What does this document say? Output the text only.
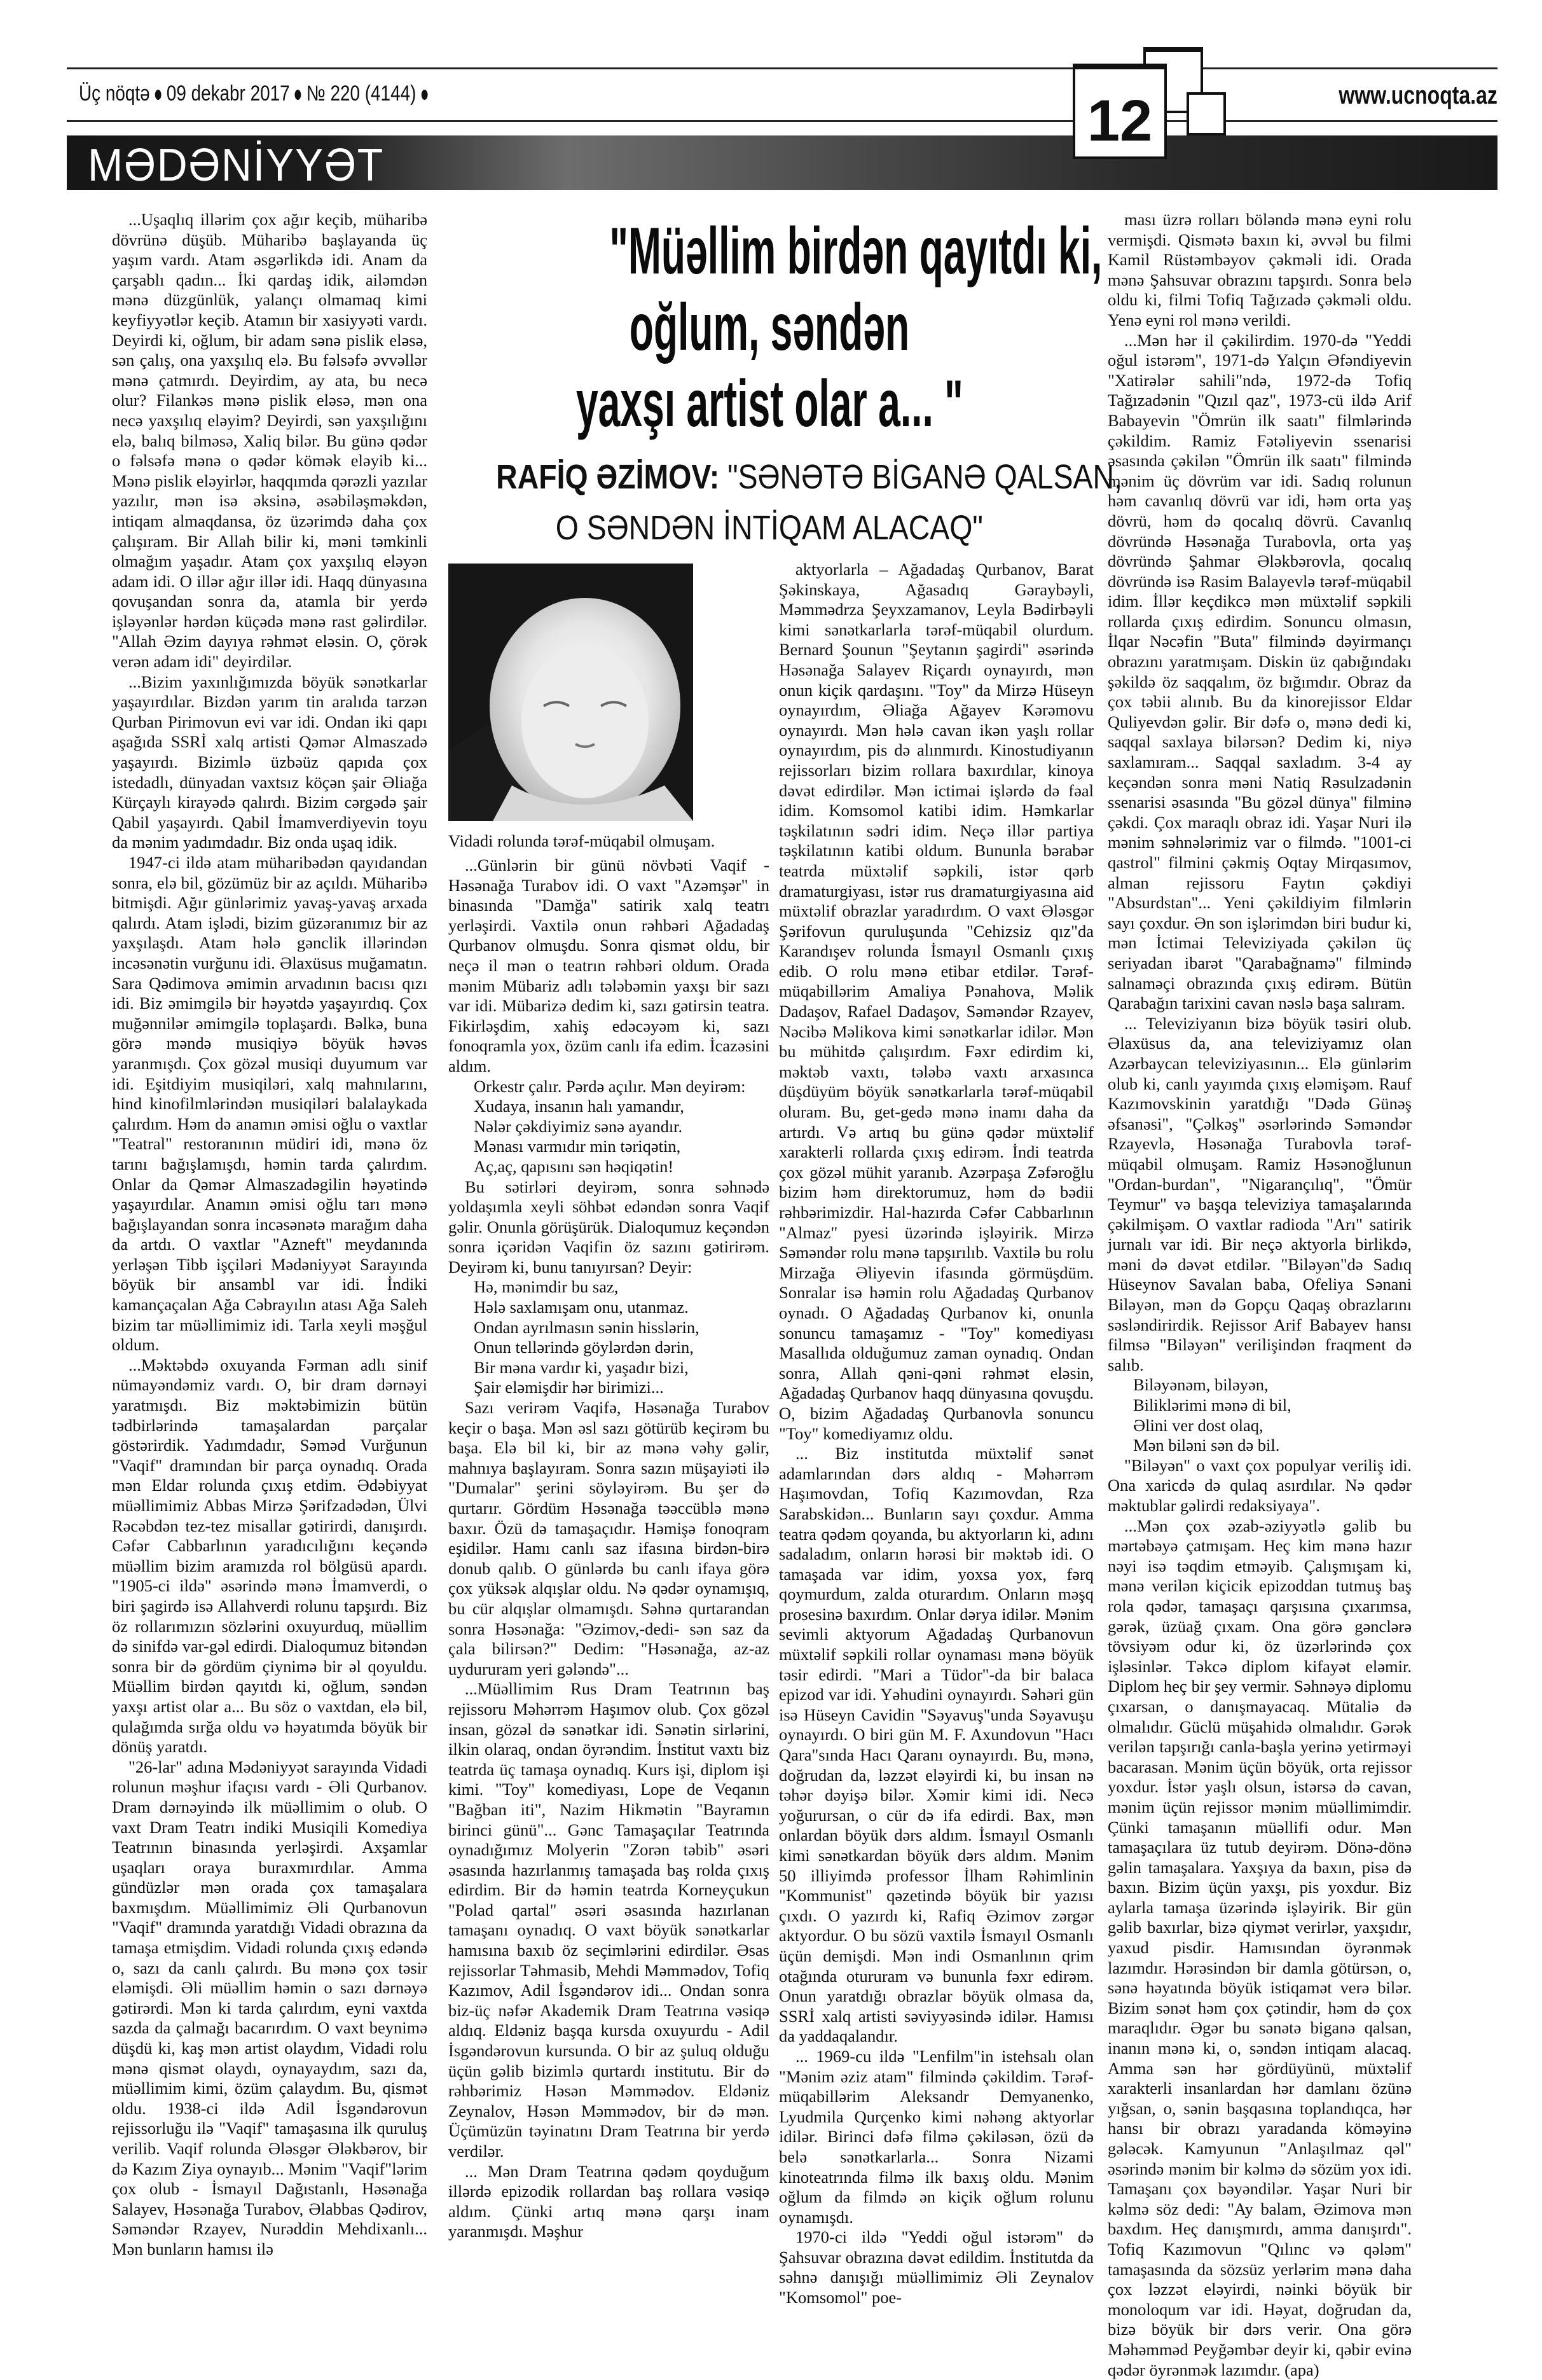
Üç nöqtə 09 dekabr 2017 № 220 (4144)	www.ucnoqta.az
MƏDƏNİYYƏT
12
"Müəllim birdən qayıtdı ki,
oğlum, səndən
yaxşı artist olar a... "
RAFİQ ƏZİMOV: "SƏNƏTƏ BİGANƏ QALSAN,
O SƏNDƏN İNTİQAM ALACAQ"
Vidadi rolunda tərəf-müqabil olmuşam.

...Uşaqlıq illərim çox ağır keçib, müharibə dövrünə düşüb. Müharibə başlayanda üç yaşım vardı. Atam əsgərlikdə idi. Anam da çarşablı qadın... İki qardaş idik, ailəmdən mənə düzgünlük, yalançı olmamaq kimi keyfiyyətlər keçib. Atamın bir xasiyyəti vardı. Deyirdi ki, oğlum, bir adam sənə pislik eləsə, sən çalış, ona yaxşılıq elə. Bu fəlsəfə əvvəllər mənə çatmırdı. Deyirdim, ay ata, bu necə olur? Filankəs mənə pislik eləsə, mən ona necə yaxşılıq eləyim? Deyirdi, sən yaxşılığını elə, balıq bilməsə, Xaliq bilər. Bu günə qədər o fəlsəfə mənə o qədər kömək eləyib ki... Mənə pislik eləyirlər, haqqımda qərəzli yazılar yazılır, mən isə əksinə, əsəbiləşməkdən, intiqam almaqdansa, öz üzərimdə daha çox çalışıram. Bir Allah bilir ki, məni təmkinli olmağım yaşadır. Atam çox yaxşılıq eləyən adam idi. O illər ağır illər idi. Haqq dünyasına qovuşandan sonra da, atamla bir yerdə işləyənlər hərdən küçədə mənə rast gəlirdilər. "Allah Əzim dayıya rəhmət eləsin. O, çörək verən adam idi" deyirdilər.

...Bizim yaxınlığımızda böyük sənətkarlar yaşayırdılar. Bizdən yarım tin aralıda tarzən Qurban Pirimovun evi var idi. Ondan iki qapı aşağıda SSRİ xalq artisti Qəmər Almaszadə yaşayırdı. Bizimlə üzbəüz qapıda çox istedadlı, dünyadan vaxtsız köçən şair Əliağa Kürçaylı kirayədə qalırdı. Bizim cərgədə şair Qabil yaşayırdı. Qabil İmamverdiyevin toyu da mənim yadımdadır. Biz onda uşaq idik.

1947-ci ildə atam müharibədən qayıdandan sonra, elə bil, gözümüz bir az açıldı. Müharibə bitmişdi. Ağır günlərimiz yavaş-yavaş arxada qalırdı. Atam işlədi, bizim güzəranımız bir az yaxşılaşdı. Atam hələ gənclik illərindən incəsənətin vurğunu idi. Əlaxüsus muğamatın. Sara Qədimova əmimin arvadının bacısı qızı idi. Biz əmimgilə bir həyətdə yaşayırdıq. Çox muğənnilər əmimgilə toplaşardı. Bəlkə, buna görə məndə musiqiyə böyük həvəs yaranmışdı. Çox gözəl musiqi duyumum var idi. Eşitdiyim musiqiləri, xalq mahnılarını, hind kinofilmlərindən musiqiləri balalaykada çalırdım. Həm də anamın əmisi oğlu o vaxtlar "Teatral" restoranının müdiri idi, mənə öz tarını bağışlamışdı, həmin tarda çalırdım. Onlar da Qəmər Almaszadəgilin həyətində yaşayırdılar. Anamın əmisi oğlu tarı mənə bağışlayandan sonra incəsənətə marağım daha da artdı. O vaxtlar "Azneft" meydanında yerləşən Tibb işçiləri Mədəniyyət Sarayında böyük bir ansambl var idi. İndiki kamançaçalan Ağa Cəbrayılın atası Ağa Saleh bizim tar müəllimimiz idi. Tarla xeyli məşğul oldum.

...Məktəbdə oxuyanda Fərman adlı sinif nümayəndəmiz vardı. O, bir dram dərnəyi yaratmışdı. Biz məktəbimizin bütün tədbirlərində tamaşalardan parçalar göstərirdik. Yadımdadır, Səməd Vurğunun "Vaqif" dramından bir parça oynadıq. Orada mən Eldar rolunda çıxış etdim. Ədəbiyyat müəllimimiz Abbas Mirzə Şərifzadədən, Ülvi Rəcəbdən tez-tez misallar gətirirdi, danışırdı. Cəfər Cabbarlının yaradıcılığını keçəndə müəllim bizim aramızda rol bölgüsü apardı. "1905-ci ildə" əsərində mənə İmamverdi, o biri şagirdə isə Allahverdi rolunu tapşırdı. Biz öz rollarımızın sözlərini oxuyurduq, müəllim də sinifdə var-gəl edirdi. Dialoqumuz bitəndən sonra bir də gördüm çiynimə bir əl qoyuldu. Müəllim birdən qayıtdı ki, oğlum, səndən yaxşı artist olar a... Bu söz o vaxtdan, elə bil, qulağımda sırğa oldu və həyatımda böyük bir dönüş yaratdı.

"26-lar" adına Mədəniyyət sarayında Vidadi rolunun məşhur ifaçısı vardı - Əli Qurbanov. Dram dərnəyində ilk müəllimim o olub. O vaxt Dram Teatrı indiki Musiqili Komediya Teatrının binasında yerləşirdi. Axşamlar uşaqları oraya buraxmırdılar. Amma gündüzlər mən orada çox tamaşalara baxmışdım. Müəllimimiz Əli Qurbanovun "Vaqif" dramında yaratdığı Vidadi obrazına da tamaşa etmişdim. Vidadi rolunda çıxış edəndə o, sazı da canlı çalırdı. Bu mənə çox təsir eləmişdi. Əli müəllim həmin o sazı dərnəyə gətirərdi. Mən ki tarda çalırdım, eyni vaxtda sazda da çalmağı bacarırdım. O vaxt beynimə düşdü ki, kaş mən artist olaydım, Vidadi rolu mənə qismət olaydı, oynayaydım, sazı da, müəllimim kimi, özüm çalaydım. Bu, qismət oldu. 1938-ci ildə Adil İsgəndərovun rejissorluğu ilə "Vaqif" tamaşasına ilk quruluş verilib. Vaqif rolunda Ələsgər Ələkbərov, bir də Kazım Ziya oynayıb... Mənim "Vaqif"lərim çox olub - İsmayıl Dağıstanlı, Həsənağa Salayev, Həsənağa Turabov, Əlabbas Qədirov, Səməndər Rzayev, Nurəddin Mehdixanlı... Mən bunların hamısı ilə

...Günlərin bir günü növbəti Vaqif - Həsənağa Turabov idi. O vaxt "Azəmşər" in binasında "Damğa" satirik xalq teatrı yerləşirdi. Vaxtilə onun rəhbəri Ağadadaş Qurbanov olmuşdu. Sonra qismət oldu, bir neçə il mən o teatrın rəhbəri oldum. Orada mənim Mübariz adlı tələbəmin yaxşı bir sazı var idi. Mübarizə dedim ki, sazı gətirsin teatra. Fikirləşdim, xahiş edəcəyəm ki, sazı fonoqramla yox, özüm canlı ifa edim. İcazəsini aldım.

Orkestr çalır. Pərdə açılır. Mən deyirəm:
Xudaya, insanın halı yamandır,
Nələr çəkdiyimiz sənə ayandır.
Mənası varmıdır min təriqətin,
Aç,aç, qapısını sən həqiqətin!

Bu sətirləri deyirəm, sonra səhnədə yoldaşımla xeyli söhbət edəndən sonra Vaqif gəlir. Onunla görüşürük. Dialoqumuz keçəndən sonra içəridən Vaqifin öz sazını gətirirəm. Deyirəm ki, bunu tanıyırsan? Deyir:

Hə, mənimdir bu saz,
Hələ saxlamışam onu, utanmaz.
Ondan ayrılmasın sənin hisslərin,
Onun tellərində göylərdən dərin,
Bir məna vardır ki, yaşadır bizi,
Şair eləmişdir hər birimizi...

Sazı verirəm Vaqifə, Həsənağa Turabov keçir o başa. Mən əsl sazı götürüb keçirəm bu başa. Elə bil ki, bir az mənə vəhy gəlir, mahnıya başlayıram. Sonra sazın müşayiəti ilə "Dumalar" şerini söyləyirəm. Bu şer də qurtarır. Gördüm Həsənağa təəccüblə mənə baxır. Özü də tamaşaçıdır. Həmişə fonoqram eşidilər. Hamı canlı saz ifasına birdən-birə donub qalıb. O günlərdə bu canlı ifaya görə çox yüksək alqışlar oldu. Nə qədər oynamışıq, bu cür alqışlar olmamışdı. Səhnə qurtarandan sonra Həsənağa: "Əzimov,-dedi- sən saz da çala bilirsən?" Dedim: "Həsənağa, az-az uydururam yeri gələndə"...

...Müəllimim Rus Dram Teatrının baş rejissoru Məhərrəm Haşımov olub. Çox gözəl insan, gözəl də sənətkar idi. Sənətin sirlərini, ilkin olaraq, ondan öyrəndim. İnstitut vaxtı biz teatrda üç tamaşa oynadıq. Kurs işi, diplom işi kimi. "Toy" komediyası, Lope de Veqanın "Bağban iti", Nazim Hikmətin "Bayramın birinci günü"... Gənc Tamaşaçılar Teatrında oynadığımız Molyerin "Zorən təbib" əsəri əsasında hazırlanmış tamaşada baş rolda çıxış edirdim. Bir də həmin teatrda Korneyçukun "Polad qartal" əsəri əsasında hazırlanan tamaşanı oynadıq. O vaxt böyük sənətkarlar hamısına baxıb öz seçimlərini edirdilər. Əsas rejissorlar Təhmasib, Mehdi Məmmədov, Tofiq Kazımov, Adil İsgəndərov idi... Ondan sonra biz-üç nəfər Akademik Dram Teatrına vəsiqə aldıq. Eldəniz başqa kursda oxuyurdu - Adil İsgəndərovun kursunda. O bir az şuluq olduğu üçün gəlib bizimlə qurtardı institutu. Bir də rəhbərimiz Həsən Məmmədov. Eldəniz Zeynalov, Həsən Məmmədov, bir də mən. Üçümüzün təyinatını Dram Teatrına bir yerdə verdilər.

... Mən Dram Teatrına qədəm qoyduğum illərdə epizodik rollardan baş rollara vəsiqə aldım. Çünki artıq mənə qarşı inam yaranmışdı. Məşhur

aktyorlarla – Ağadadaş Qurbanov, Barat Şəkinskaya, Ağasadıq Gəraybəyli, Məmmədrza Şeyxzamanov, Leyla Bədirbəyli kimi sənətkarlarla tərəf-müqabil olurdum. Bernard Şounun "Şeytanın şagirdi" əsərində Həsənağa Salayev Riçardı oynayırdı, mən onun kiçik qardaşını. "Toy" da Mirzə Hüseyn oynayırdım, Əliağa Ağayev Kərəmovu oynayırdı. Mən hələ cavan ikən yaşlı rollar oynayırdım, pis də alınmırdı. Kinostudiyanın rejissorları bizim rollara baxırdılar, kinoya dəvət edirdilər. Mən ictimai işlərdə də fəal idim. Komsomol katibi idim. Həmkarlar təşkilatının sədri idim. Neçə illər partiya təşkilatının katibi oldum. Bununla bərabər teatrda müxtəlif səpkili, istər qərb dramaturgiyası, istər rus dramaturgiyasına aid müxtəlif obrazlar yaradırdım. O vaxt Ələsgər Şərifovun quruluşunda "Cehizsiz qız"da Karandışev rolunda İsmayıl Osmanlı çıxış edib. O rolu mənə etibar etdilər. Tərəf-müqabillərim Amaliya Pənahova, Məlik Dadaşov, Rafael Dadaşov, Səməndər Rzayev, Nəcibə Məlikova kimi sənətkarlar idilər. Mən bu mühitdə çalışırdım. Fəxr edirdim ki, məktəb vaxtı, tələbə vaxtı arxasınca düşdüyüm böyük sənətkarlarla tərəf-müqabil oluram. Bu, get-gedə mənə inamı daha da artırdı. Və artıq bu günə qədər müxtəlif xarakterli rollarda çıxış edirəm. İndi teatrda çox gözəl mühit yaranıb. Azərpaşa Zəfəroğlu bizim həm direktorumuz, həm də bədii rəhbərimizdir. Hal-hazırda Cəfər Cabbarlının "Almaz" pyesi üzərində işləyirik. Mirzə Səməndər rolu mənə tapşırılıb. Vaxtilə bu rolu Mirzağa Əliyevin ifasında görmüşdüm. Sonralar isə həmin rolu Ağadadaş Qurbanov oynadı. O Ağadadaş Qurbanov ki, onunla sonuncu tamaşamız - "Toy" komediyası Masallıda olduğumuz zaman oynadıq. Ondan sonra, Allah qəni-qəni rəhmət eləsin, Ağadadaş Qurbanov haqq dünyasına qovuşdu. O, bizim Ağadadaş Qurbanovla sonuncu "Toy" komediyamız oldu.

... Biz institutda müxtəlif sənət adamlarından dərs aldıq - Məhərrəm Haşımovdan, Tofiq Kazımovdan, Rza Sarabskidən... Bunların sayı çoxdur. Amma teatra qədəm qoyanda, bu aktyorların ki, adını sadaladım, onların hərəsi bir məktəb idi. O tamaşada var idim, yoxsa yox, fərq qoymurdum, zalda oturardım. Onların məşq prosesinə baxırdım. Onlar dərya idilər. Mənim sevimli aktyorum Ağadadaş Qurbanovun müxtəlif səpkili rollar oynaması mənə böyük təsir edirdi. "Mari a Tüdor"-da bir balaca epizod var idi. Yəhudini oynayırdı. Səhəri gün isə Hüseyn Cavidin "Səyavuş"unda Səyavuşu oynayırdı. O biri gün M. F. Axundovun "Hacı Qara"sında Hacı Qaranı oynayırdı. Bu, mənə, doğrudan da, ləzzət eləyirdi ki, bu insan nə təhər dəyişə bilər. Xəmir kimi idi. Necə yoğurursan, o cür də ifa edirdi. Bax, mən onlardan böyük dərs aldım. İsmayıl Osmanlı kimi sənətkardan böyük dərs aldım. Mənim 50 illiyimdə professor İlham Rəhimlinin "Kommunist" qəzetində böyük bir yazısı çıxdı. O yazırdı ki, Rafiq Əzimov zərgər aktyordur. O bu sözü vaxtilə İsmayıl Osmanlı üçün demişdi. Mən indi Osmanlının qrim otağında otururam və bununla fəxr edirəm. Onun yaratdığı obrazlar böyük olmasa da, SSRİ xalq artisti səviyyəsində idilər. Hamısı da yaddaqalandır.

... 1969-cu ildə "Lenfilm"in istehsalı olan "Mənim əziz atam" filmində çəkildim. Tərəf-müqabillərim Aleksandr Demyanenko, Lyudmila Qurçenko kimi nəhəng aktyorlar idilər. Birinci dəfə filmə çəkiləsən, özü də belə sənətkarlarla... Sonra Nizami kinoteatrında filmə ilk baxış oldu. Mənim oğlum da filmdə ən kiçik oğlum rolunu oynamışdı.

1970-ci ildə "Yeddi oğul istərəm" də Şahsuvar obrazına dəvət edildim. İnstitutda da səhnə danışığı müəllimimiz Əli Zeynalov "Komsomol" poe-

ması üzrə rolları böləndə mənə eyni rolu vermişdi. Qismətə baxın ki, əvvəl bu filmi Kamil Rüstəmbəyov çəkməli idi. Orada mənə Şahsuvar obrazını tapşırdı. Sonra belə oldu ki, filmi Tofiq Tağızadə çəkməli oldu. Yenə eyni rol mənə verildi.

...Mən hər il çəkilirdim. 1970-də "Yeddi oğul istərəm", 1971-də Yalçın Əfəndiyevin "Xatirələr sahili"ndə, 1972-də Tofiq Tağızadənin "Qızıl qaz", 1973-cü ildə Arif Babayevin "Ömrün ilk saatı" filmlərində çəkildim. Ramiz Fətəliyevin ssenarisi əsasında çəkilən "Ömrün ilk saatı" filmində mənim üç dövrüm var idi. Sadıq rolunun həm cavanlıq dövrü var idi, həm orta yaş dövrü, həm də qocalıq dövrü. Cavanlıq dövründə Həsənağa Turabovla, orta yaş dövründə Şahmar Ələkbərovla, qocalıq dövründə isə Rasim Balayevlə tərəf-müqabil idim. İllər keçdikcə mən müxtəlif səpkili rollarda çıxış edirdim. Sonuncu olmasın, İlqar Nəcəfin "Buta" filmində dəyirmançı obrazını yaratmışam. Diskin üz qabığındakı şəkildə öz saqqalım, öz bığımdır. Obraz da çox təbii alınıb. Bu da kinorejissor Eldar Quliyevdən gəlir. Bir dəfə o, mənə dedi ki, saqqal saxlaya bilərsən? Dedim ki, niyə saxlamıram... Saqqal saxladım. 3-4 ay keçəndən sonra məni Natiq Rəsulzadənin ssenarisi əsasında "Bu gözəl dünya" filminə çəkdi. Çox maraqlı obraz idi. Yaşar Nuri ilə mənim səhnələrimiz var o filmdə. "1001-ci qastrol" filmini çəkmiş Oqtay Mirqasımov, alman rejissoru Faytın çəkdiyi "Absurdstan"... Yeni çəkildiyim filmlərin sayı çoxdur. Ən son işlərimdən biri budur ki, mən İctimai Televiziyada çəkilən üç seriyadan ibarət "Qarabağnamə" filmində salnaməçi obrazında çıxış edirəm. Bütün Qarabağın tarixini cavan nəslə başa salıram.

... Televiziyanın bizə böyük təsiri olub. Əlaxüsus da, ana televiziyamız olan Azərbaycan televiziyasının... Elə günlərim olub ki, canlı yayımda çıxış eləmişəm. Rauf Kazımovskinin yaratdığı "Dədə Günəş əfsanəsi", "Çəlkəş" əsərlərində Səməndər Rzayevlə, Həsənağa Turabovla tərəf-müqabil olmuşam. Ramiz Həsənoğlunun "Ordan-burdan", "Nigarançılıq", "Ömür Teymur" və başqa televiziya tamaşalarında çəkilmişəm. O vaxtlar radioda "Arı" satirik jurnalı var idi. Bir neçə aktyorla birlikdə, məni də dəvət etdilər. "Biləyən"də Sadıq Hüseynov Savalan baba, Ofeliya Sənani Biləyən, mən də Gopçu Qaqaş obrazlarını səsləndirirdik. Rejissor Arif Babayev hansı filmsə "Biləyən" verilişindən fraqment də salıb.

Biləyənəm, biləyən,
Biliklərimi mənə di bil,
Əlini ver dost olaq,
Mən biləni sən də bil.

"Biləyən" o vaxt çox populyar veriliş idi. Ona xaricdə də qulaq asırdılar. Nə qədər məktublar gəlirdi redaksiyaya".

...Mən çox əzab-əziyyətlə gəlib bu mərtəbəyə çatmışam. Heç kim mənə hazır nəyi isə təqdim etməyib. Çalışmışam ki, mənə verilən kiçicik epizoddan tutmuş baş rola qədər, tamaşaçı qarşısına çıxarımsa, gərək, üzüağ çıxam. Ona görə gənclərə tövsiyəm odur ki, öz üzərlərində çox işləsinlər. Təkcə diplom kifayət eləmir. Diplom heç bir şey vermir. Səhnəyə diplomu çıxarsan, o danışmayacaq. Mütaliə də olmalıdır. Güclü müşahidə olmalıdır. Gərək verilən tapşırığı canla-başla yerinə yetirməyi bacarasan. Mənim üçün böyük, orta rejissor yoxdur. İstər yaşlı olsun, istərsə də cavan, mənim üçün rejissor mənim müəllimimdir. Çünki tamaşanın müəllifi odur. Mən tamaşaçılara üz tutub deyirəm. Dönə-dönə gəlin tamaşalara. Yaxşıya da baxın, pisə də baxın. Bizim üçün yaxşı, pis yoxdur. Biz aylarla tamaşa üzərində işləyirik. Bir gün gəlib baxırlar, bizə qiymət verirlər, yaxşıdır, yaxud pisdir. Hamısından öyrənmək lazımdır. Hərəsindən bir damla götürsən, o, sənə həyatında böyük istiqamət verə bilər. Bizim sənət həm çox çətindir, həm də çox maraqlıdır. Əgər bu sənətə biganə qalsan, inanın mənə ki, o, səndən intiqam alacaq. Amma sən hər gördüyünü, müxtəlif xarakterli insanlardan hər damlanı özünə yığsan, o, sənin başqasına toplandıqca, hər hansı bir obrazı yaradanda köməyinə gələcək. Kamyunun "Anlaşılmaz qəl" əsərində mənim bir kəlmə də sözüm yox idi. Tamaşanı çox bəyəndilər. Yaşar Nuri bir kəlmə söz dedi: "Ay balam, Əzimova mən baxdım. Heç danışmırdı, amma danışırdı". Tofiq Kazımovun "Qılınc və qələm" tamaşasında da sözsüz yerlərim mənə daha çox ləzzət eləyirdi, nəinki böyük bir monoloqum var idi. Həyat, doğrudan da, bizə böyük bir dərs verir. Ona görə Məhəmməd Peyğəmbər deyir ki, qəbir evinə qədər öyrənmək lazımdır. (apa)
